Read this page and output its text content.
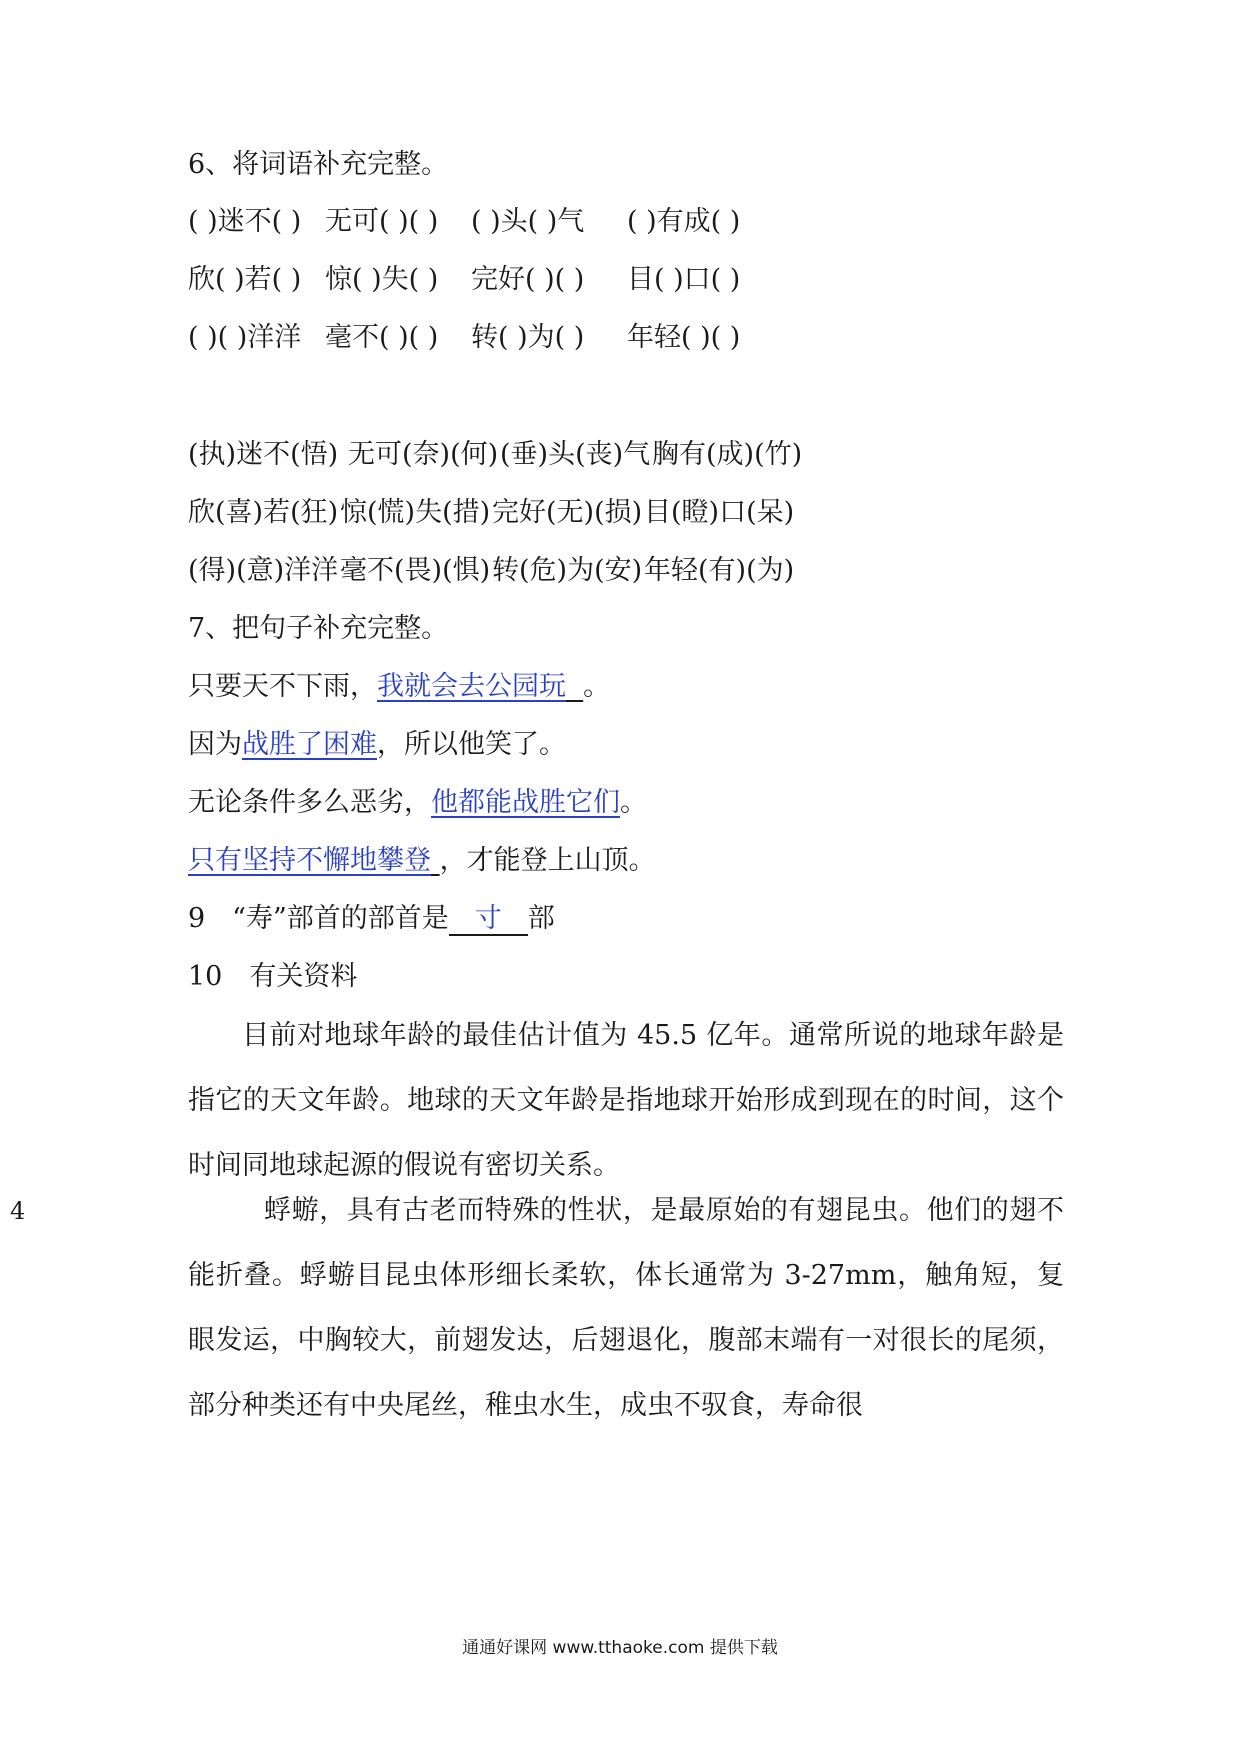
6、将词语补充完整。
( )迷不( ) 无可( )( ) ( )头( )气 ( )有成( )
欣( )若( ) 惊( )失( ) 完好( )( ) 目( )口( )
( )( )洋洋 毫不( )( ) 转( )为( ) 年轻( )( )
(执)迷不(悟) 无可(奈)(何)(垂)头(丧)气胸有(成)(竹)
欣(喜)若(狂)惊(慌)失(措)完好(无)(损)目(瞪)口(呆)
(得)(意)洋洋毫不(畏)(惧)转(危)为(安)年轻(有)(为)
7、把句子补充完整。
只要天不下雨，我就会去公园玩 。
因为战胜了困难，所以他笑了。
无论条件多么恶劣，他都能战胜它们。
只有坚持不懈地攀登 ，才能登上山顶。
9　“寿”部首的部首是 寸 部
10　有关资料
目前对地球年龄的最佳估计值为 45.5 亿年。通常所说的地球年龄是指它的天文年龄。地球的天文年龄是指地球开始形成到现在的时间，这个时间同地球起源的假说有密切关系。
4	蜉蝣，具有古老而特殊的性状，是最原始的有翅昆虫。他们的翅不能折叠。蜉蝣目昆虫体形细长柔软，体长通常为 3-27mm，触角短，复眼发运，中胸较大，前翅发达，后翅退化，腹部末端有一对很长的尾须，部分种类还有中央尾丝，稚虫水生，成虫不驭食，寿命很
通通好课网 www.tthaoke.com 提供下载
